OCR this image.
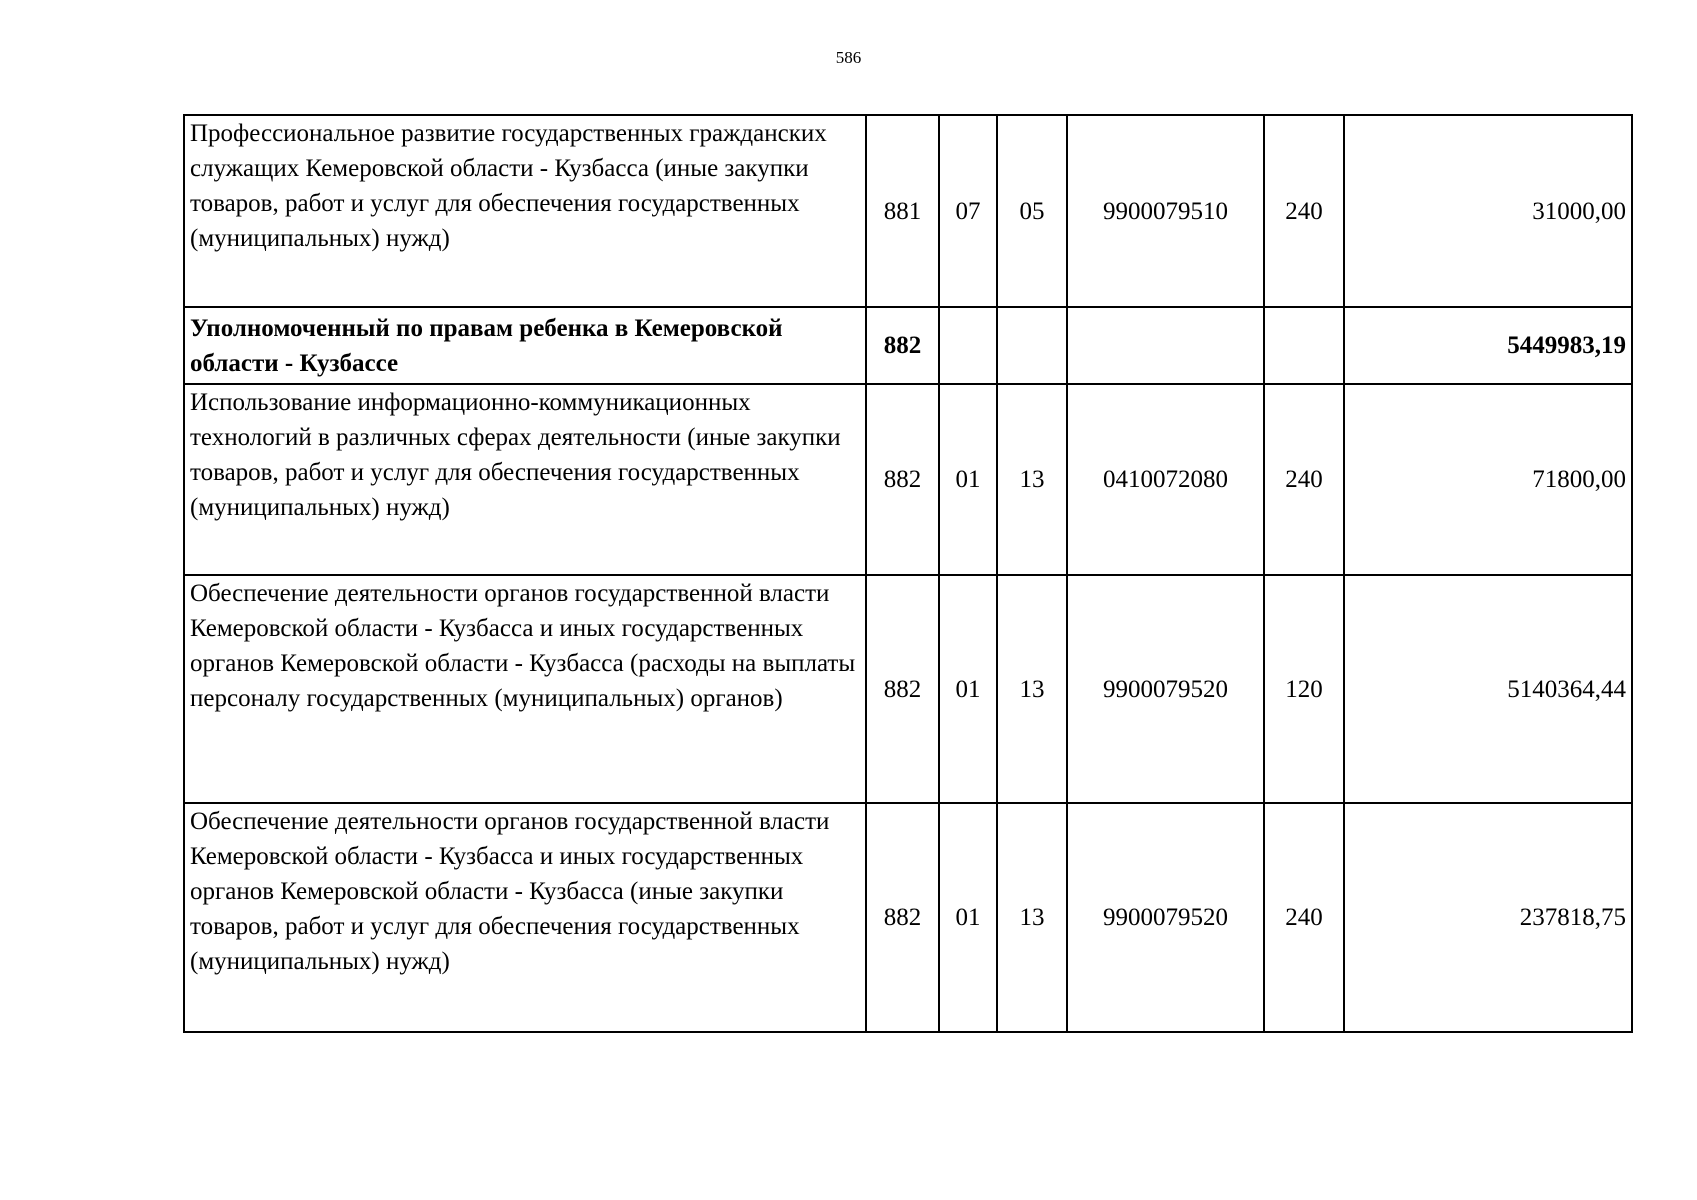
586
Профессиональное развитие государственных гражданских служащих Кемеровской области - Кузбасса (иные закупки товаров, работ и услуг для обеспечения государственных (муниципальных) нужд)	881	07	05	9900079510	240	31000,00
Уполномоченный по правам ребенка в Кемеровской области - Кузбассе	882					5449983,19
Использование информационно-коммуникационных технологий в различных сферах деятельности (иные закупки товаров, работ и услуг для обеспечения государственных (муниципальных) нужд)	882	01	13	0410072080	240	71800,00
Обеспечение деятельности органов государственной власти Кемеровской области - Кузбасса и иных государственных органов Кемеровской области - Кузбасса (расходы на выплаты персоналу государственных (муниципальных) органов)	882	01	13	9900079520	120	5140364,44
Обеспечение деятельности органов государственной власти Кемеровской области - Кузбасса и иных государственных органов Кемеровской области - Кузбасса (иные закупки товаров, работ и услуг для обеспечения государственных (муниципальных) нужд)	882	01	13	9900079520	240	237818,75
